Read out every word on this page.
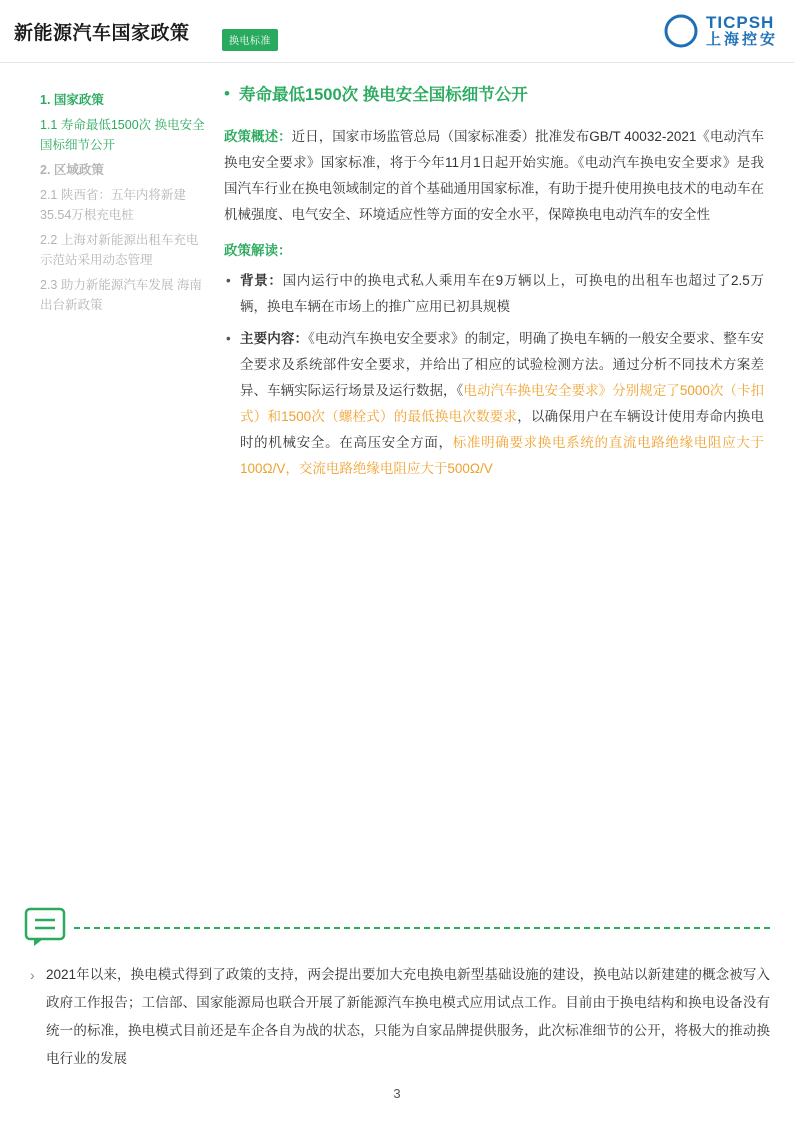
新能源汽车国家政策	换电标准
TICPSH
上海控安
1. 国家政策
1.1 寿命最低1500次 换电安全国标细节公开
2. 区域政策
2.1 陕西省：五年内将新建35.54万根充电桩
2.2 上海对新能源出租车充电示范站采用动态管理
2.3 助力新能源汽车发展 海南出台新政策
• 寿命最低1500次 换电安全国标细节公开
政策概述：近日，国家市场监管总局（国家标准委）批准发布GB/T 40032-2021《电动汽车换电安全要求》国家标准，将于今年11月1日起开始实施。《电动汽车换电安全要求》是我国汽车行业在换电领域制定的首个基础通用国家标准，有助于提升使用换电技术的电动车在机械强度、电气安全、环境适应性等方面的安全水平，保障换电电动汽车的安全性
政策解读：
• 背景：国内运行中的换电式私人乘用车在9万辆以上，可换电的出租车也超过了2.5万辆，换电车辆在市场上的推广应用已初具规模
• 主要内容：《电动汽车换电安全要求》的制定，明确了换电车辆的一般安全要求、整车安全要求及系统部件安全要求，并给出了相应的试验检测方法。通过分析不同技术方案差异、车辆实际运行场景及运行数据，《电动汽车换电安全要求》分别规定了5000次（卡扣式）和1500次（螺栓式）的最低换电次数要求，以确保用户在车辆设计使用寿命内换电时的机械安全。在高压安全方面，标准明确要求换电系统的直流电路绝缘电阻应大于100Ω/V，交流电路绝缘电阻应大于500Ω/V
› 2021年以来，换电模式得到了政策的支持，两会提出要加大充电换电新型基础设施的建设，换电站以新建建的概念被写入政府工作报告；工信部、国家能源局也联合开展了新能源汽车换电模式应用试点工作。目前由于换电结构和换电设备没有统一的标准，换电模式目前还是车企各自为战的状态，只能为自家品牌提供服务，此次标准细节的公开，将极大的推动换电行业的发展
3
